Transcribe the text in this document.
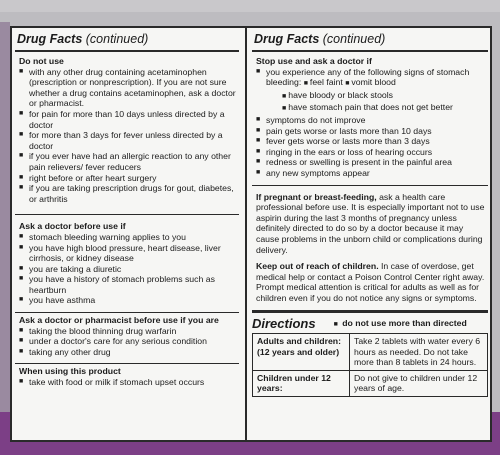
Drug Facts (continued)
Do not use
■ with any other drug containing acetaminophen (prescription or nonprescription). If you are not sure whether a drug contains acetaminophen, ask a doctor or pharmacist.
■ for pain for more than 10 days unless directed by a doctor
■ for more than 3 days for fever unless directed by a doctor
■ if you ever have had an allergic reaction to any other pain relievers/ fever reducers
■ right before or after heart surgery
■ if you are taking prescription drugs for gout, diabetes, or arthritis
Ask a doctor before use if
■ stomach bleeding warning applies to you
■ you have high blood pressure, heart disease, liver cirrhosis, or kidney disease
■ you are taking a diuretic
■ you have a history of stomach problems such as heartburn
■ you have asthma
Ask a doctor or pharmacist before use if you are
■ taking the blood thinning drug warfarin
■ under a doctor's care for any serious condition
■ taking any other drug
When using this product
■ take with food or milk if stomach upset occurs
Drug Facts (continued)
Stop use and ask a doctor if
■ you experience any of the following signs of stomach bleeding: ■ feel faint ■ vomit blood
■ have bloody or black stools
■ have stomach pain that does not get better
■ symptoms do not improve
■ pain gets worse or lasts more than 10 days
■ fever gets worse or lasts more than 3 days
■ ringing in the ears or loss of hearing occurs
■ redness or swelling is present in the painful area
■ any new symptoms appear
If pregnant or breast-feeding, ask a health care professional before use. It is especially important not to use aspirin during the last 3 months of pregnancy unless definitely directed to do so by a doctor because it may cause problems in the unborn child or complications during delivery.
Keep out of reach of children. In case of overdose, get medical help or contact a Poison Control Center right away. Prompt medical attention is critical for adults as well as for children even if you do not notice any signs or symptoms.
Directions	■ do not use more than directed
Adults and children: (12 years and older)	Take 2 tablets with water every 6 hours as needed. Do not take more than 8 tablets in 24 hours.
Children under 12 years:	Do not give to children under 12 years of age.
